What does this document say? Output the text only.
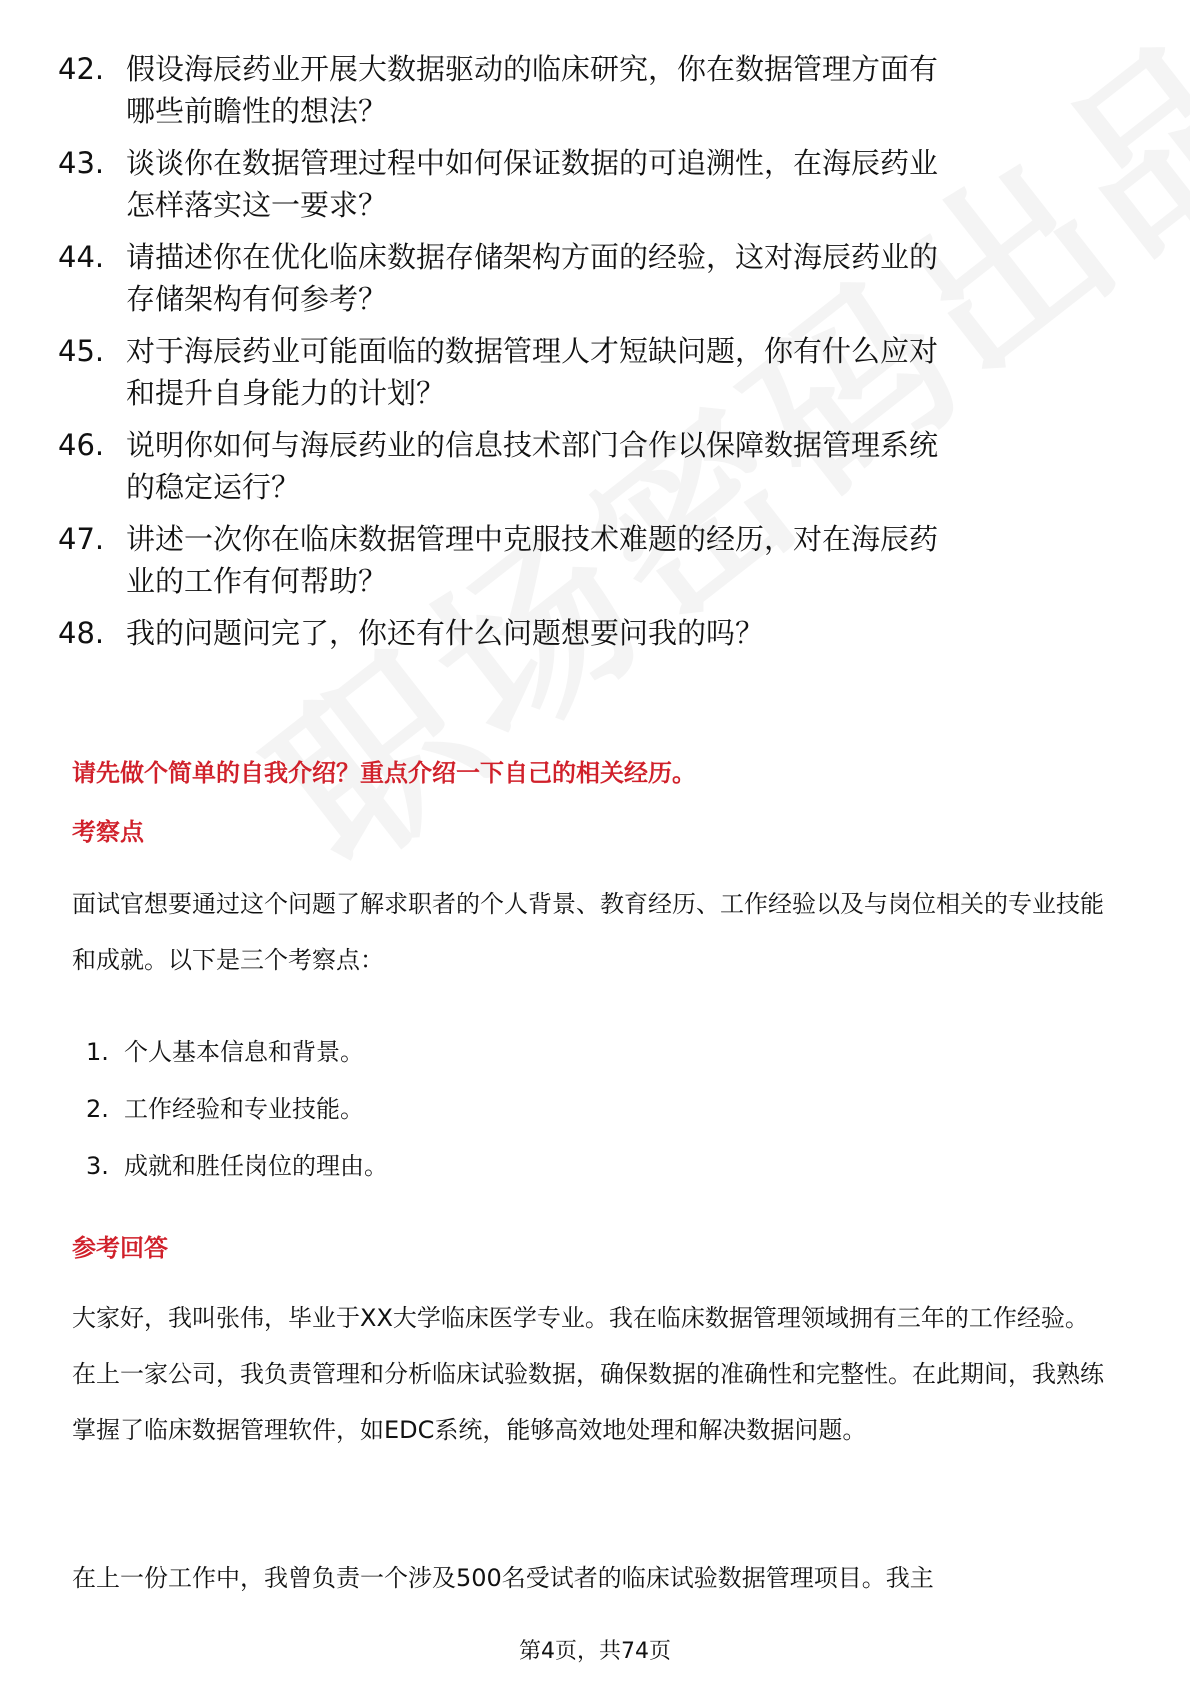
42. 假设海辰药业开展大数据驱动的临床研究，你在数据管理方面有
哪些前瞻性的想法？
43. 谈谈你在数据管理过程中如何保证数据的可追溯性，在海辰药业
怎样落实这一要求？
44. 请描述你在优化临床数据存储架构方面的经验，这对海辰药业的
存储架构有何参考？
45. 对于海辰药业可能面临的数据管理人才短缺问题，你有什么应对
和提升自身能力的计划？
46. 说明你如何与海辰药业的信息技术部门合作以保障数据管理系统
的稳定运行？
47. 讲述一次你在临床数据管理中克服技术难题的经历，对在海辰药
业的工作有何帮助？
48. 我的问题问完了，你还有什么问题想要问我的吗？
请先做个简单的自我介绍？重点介绍一下自己的相关经历。
考察点

面试官想要通过这个问题了解求职者的个人背景、教育经历、工作经验以及与岗位相关的专业技能和成就。以下是三个考察点：

1. 个人基本信息和背景。
2. 工作经验和专业技能。
3. 成就和胜任岗位的理由。
参考回答

大家好，我叫张伟，毕业于XX大学临床医学专业。我在临床数据管理领域拥有三年的工作经验。在上一家公司，我负责管理和分析临床试验数据，确保数据的准确性和完整性。在此期间，我熟练掌握了临床数据管理软件，如EDC系统，能够高效地处理和解决数据问题。

在上一份工作中，我曾负责一个涉及500名受试者的临床试验数据管理项目。我主

第4页，共74页
